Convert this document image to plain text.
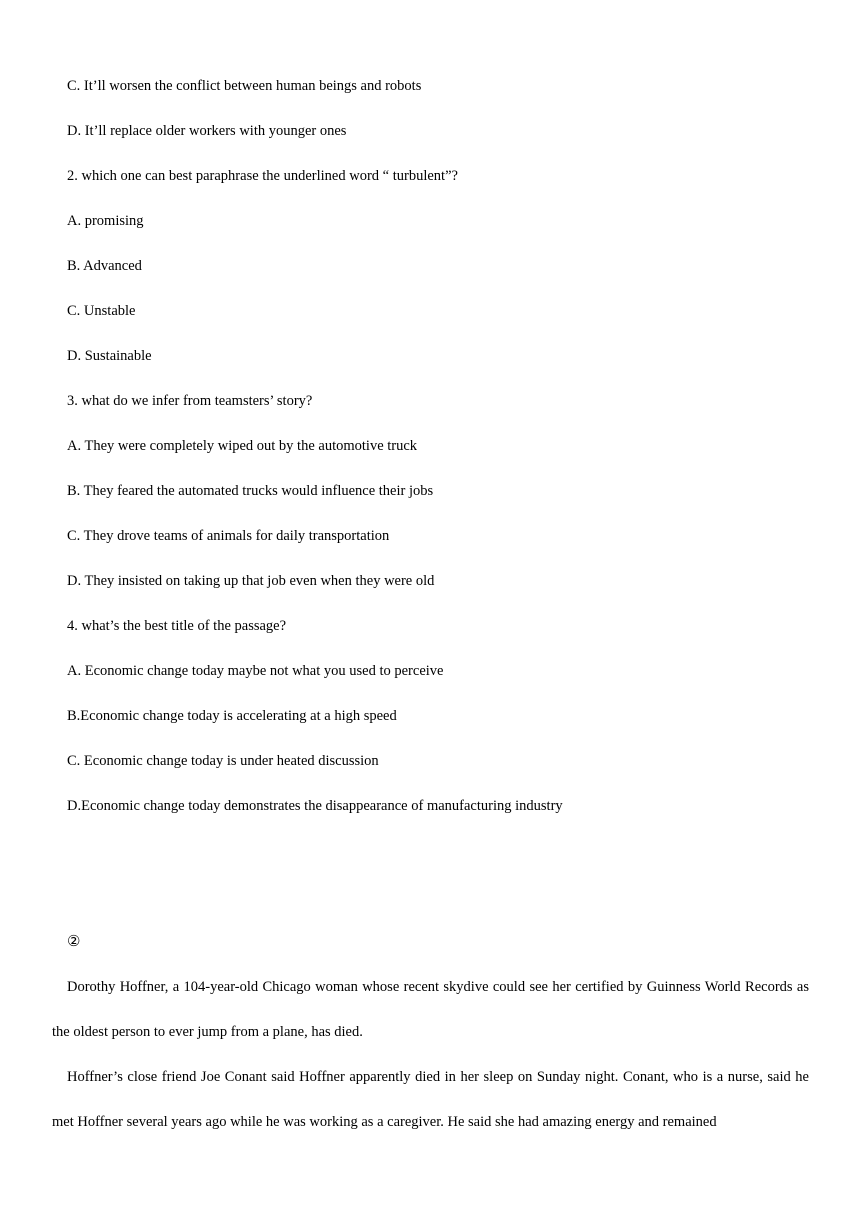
C. It’ll worsen the conflict between human beings and robots

D. It’ll replace older workers with younger ones

2. which one can best paraphrase the underlined word “ turbulent”?

A. promising

B. Advanced

C. Unstable

D. Sustainable

3. what do we infer from teamsters’ story?

A. They were completely wiped out by the automotive truck

B. They feared the automated trucks would influence their jobs

C. They drove teams of animals for daily transportation

D. They insisted on taking up that job even when they were old

4. what’s the best title of the passage?

A. Economic change today maybe not what you used to perceive

B.Economic change today is accelerating at a high speed

C. Economic change today is under heated discussion

D.Economic change today demonstrates the disappearance of manufacturing industry

②

Dorothy Hoffner, a 104-year-old Chicago woman whose recent skydive could see her certified by Guinness World Records as the oldest person to ever jump from a plane, has died.

Hoffner’s close friend Joe Conant said Hoffner apparently died in her sleep on Sunday night. Conant, who is a nurse, said he met Hoffner several years ago while he was working as a caregiver. He said she had amazing energy and remained
